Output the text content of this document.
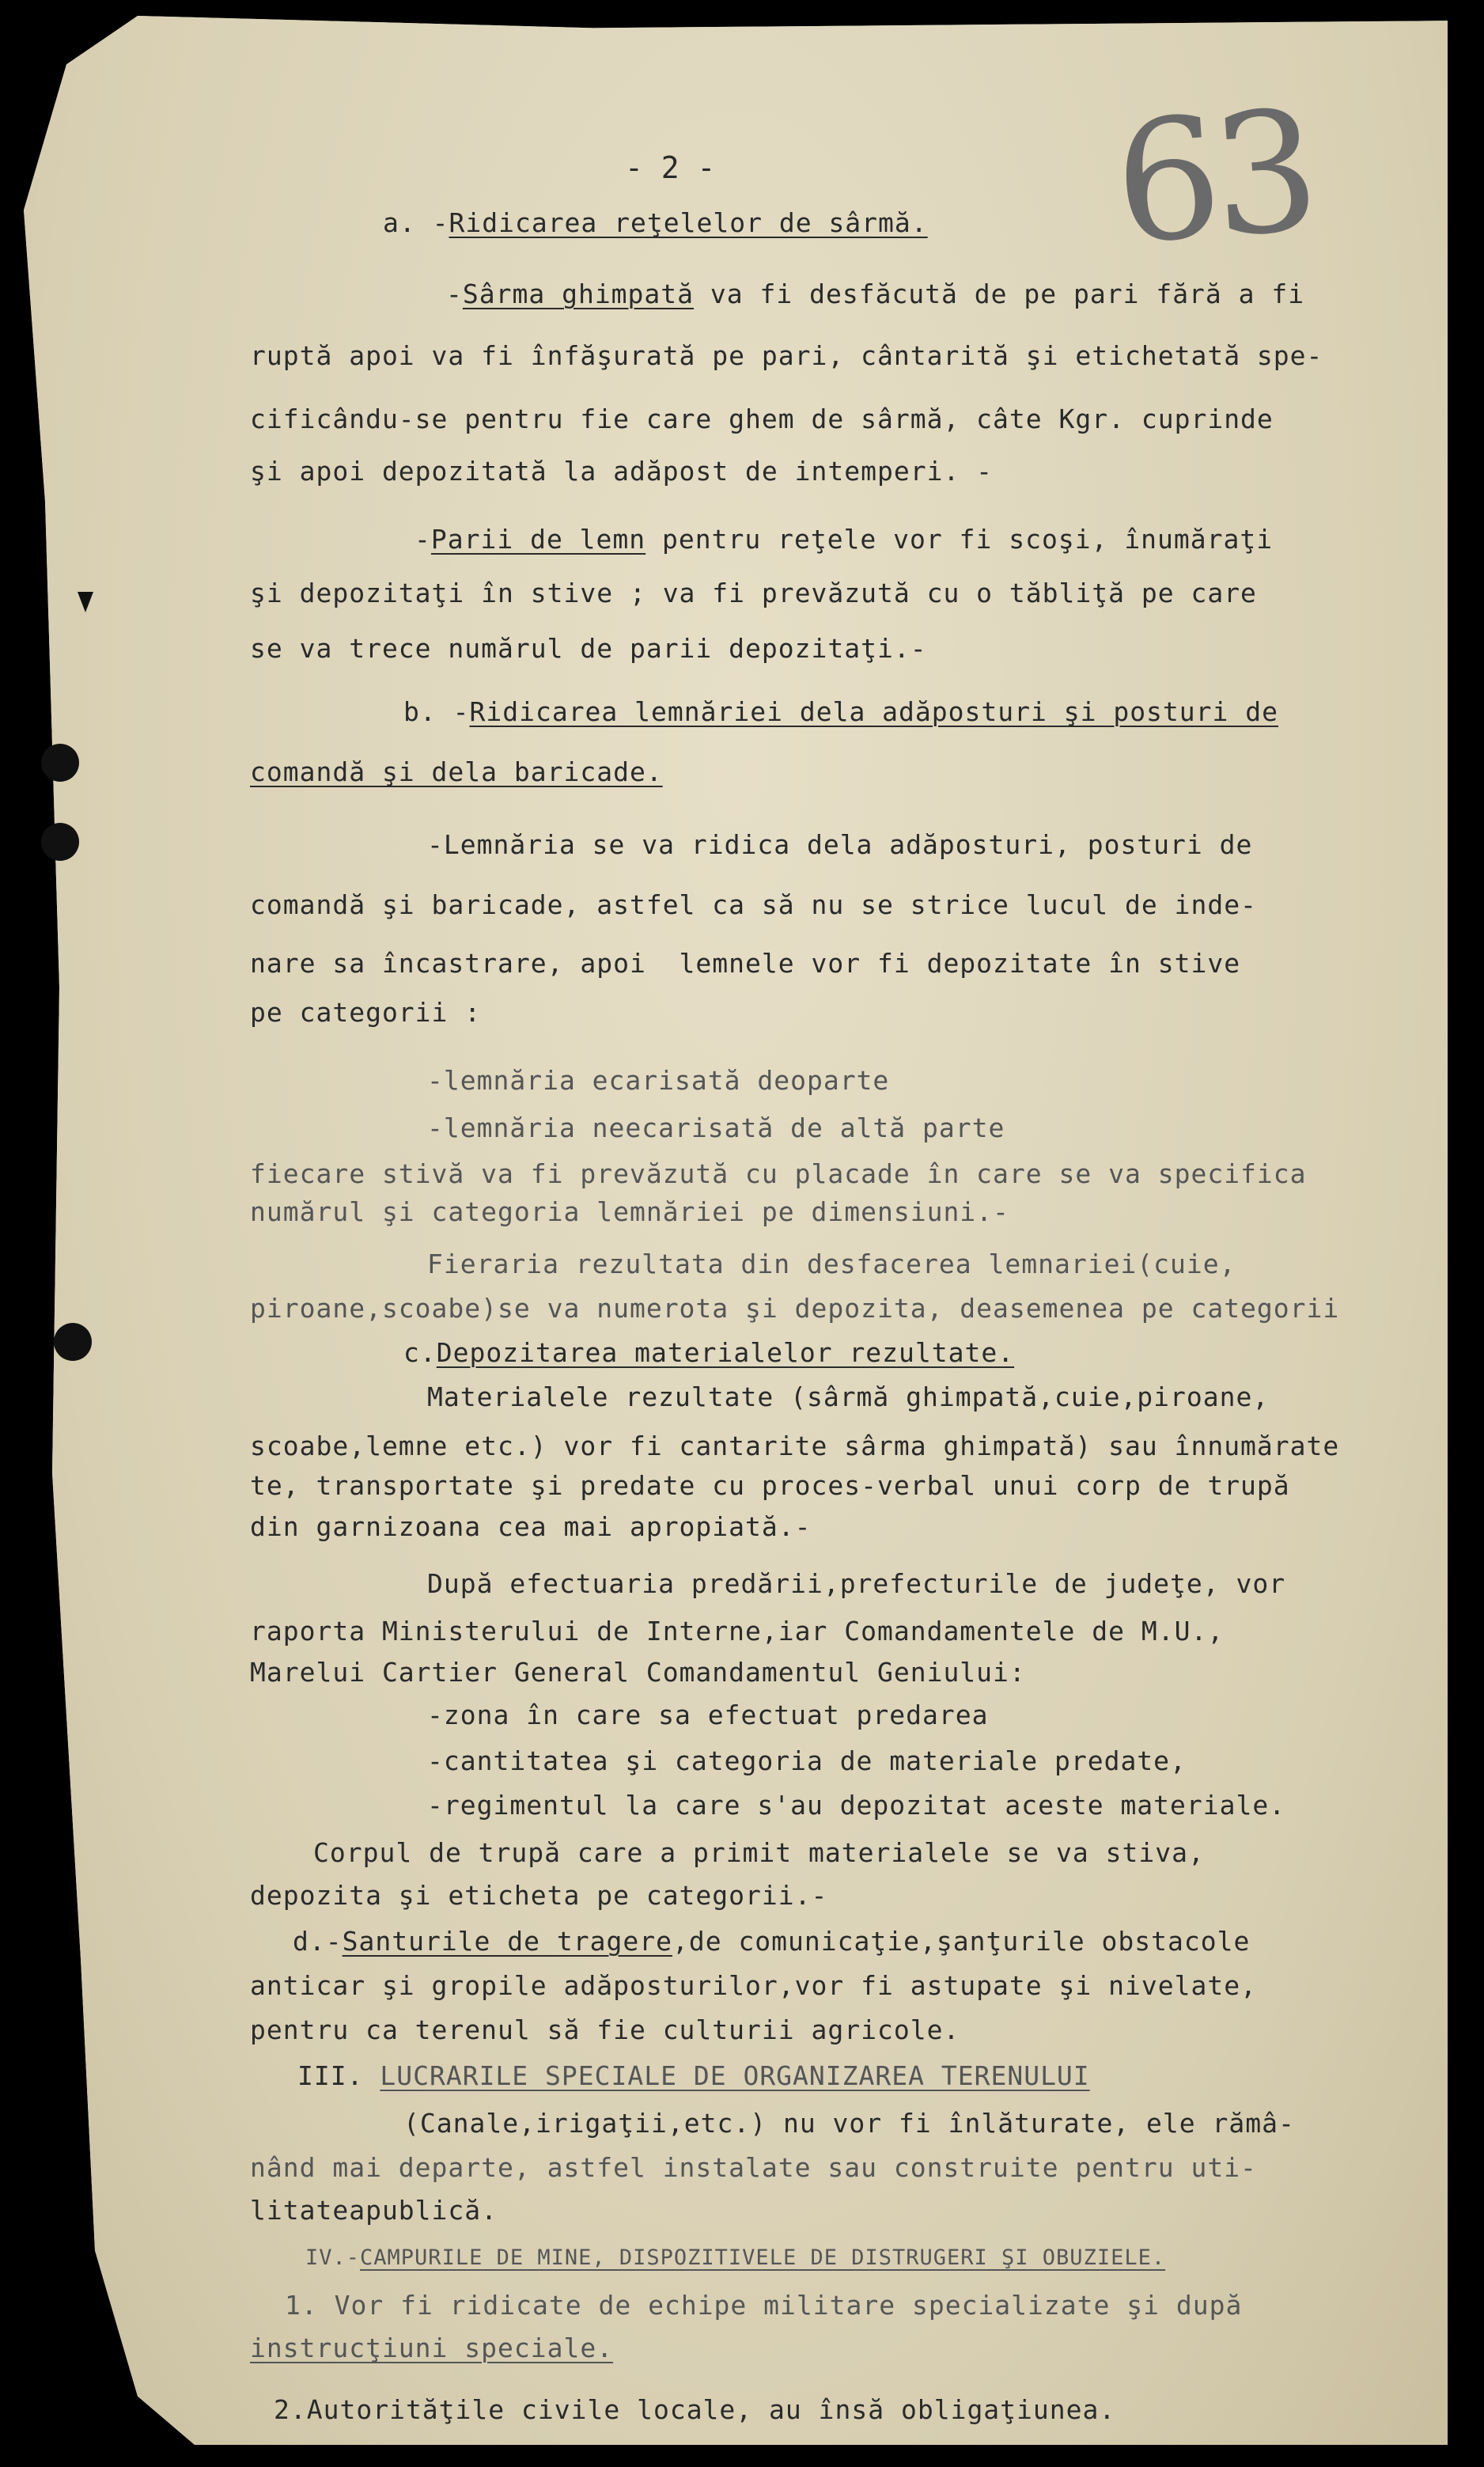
63
- 2 -
a. -Ridicarea reţelelor de sârmă.
-Sârma ghimpată va fi desfăcută de pe pari fără a fi
ruptă apoi va fi înfăşurată pe pari, cântarită şi etichetată spe-
cificându-se pentru fie care ghem de sârmă, câte Kgr. cuprinde
şi apoi depozitată la adăpost de intemperi. -
-Parii de lemn pentru reţele vor fi scoşi, înumăraţi
şi depozitaţi în stive ; va fi prevăzută cu o tăbliţă pe care
se va trece numărul de parii depozitaţi.-
b. -Ridicarea lemnăriei dela adăposturi şi posturi de
comandă şi dela baricade.
-Lemnăria se va ridica dela adăposturi, posturi de
comandă şi baricade, astfel ca să nu se strice lucul de inde-
nare sa încastrare, apoi  lemnele vor fi depozitate în stive
pe categorii :
-lemnăria ecarisată deoparte
-lemnăria neecarisată de altă parte
fiecare stivă va fi prevăzută cu placade în care se va specifica
numărul şi categoria lemnăriei pe dimensiuni.-
Fieraria rezultata din desfacerea lemnariei(cuie,
piroane,scoabe)se va numerota şi depozita, deasemenea pe categorii
c.Depozitarea materialelor rezultate.
Materialele rezultate (sârmă ghimpată,cuie,piroane,
scoabe,lemne etc.) vor fi cantarite sârma ghimpată) sau înnumărate
te, transportate şi predate cu proces-verbal unui corp de trupă
din garnizoana cea mai apropiată.-
După efectuaria predării,prefecturile de judeţe, vor
raporta Ministerului de Interne,iar Comandamentele de M.U.,
Marelui Cartier General Comandamentul Geniului:
-zona în care sa efectuat predarea
-cantitatea şi categoria de materiale predate,
-regimentul la care s'au depozitat aceste materiale.
Corpul de trupă care a primit materialele se va stiva,
depozita şi eticheta pe categorii.-
d.-Santurile de tragere,de comunicaţie,şanţurile obstacole
anticar şi gropile adăposturilor,vor fi astupate şi nivelate,
pentru ca terenul să fie culturii agricole.
III. LUCRARILE SPECIALE DE ORGANIZAREA TERENULUI
(Canale,irigaţii,etc.) nu vor fi înlăturate, ele rămâ-
nând mai departe, astfel instalate sau construite pentru uti-
litateapublică.
IV.-CAMPURILE DE MINE, DISPOZITIVELE DE DISTRUGERI ŞI OBUZIELE.
1. Vor fi ridicate de echipe militare specializate şi după
instrucţiuni speciale.
2.Autorităţile civile locale, au însă obligaţiunea.
